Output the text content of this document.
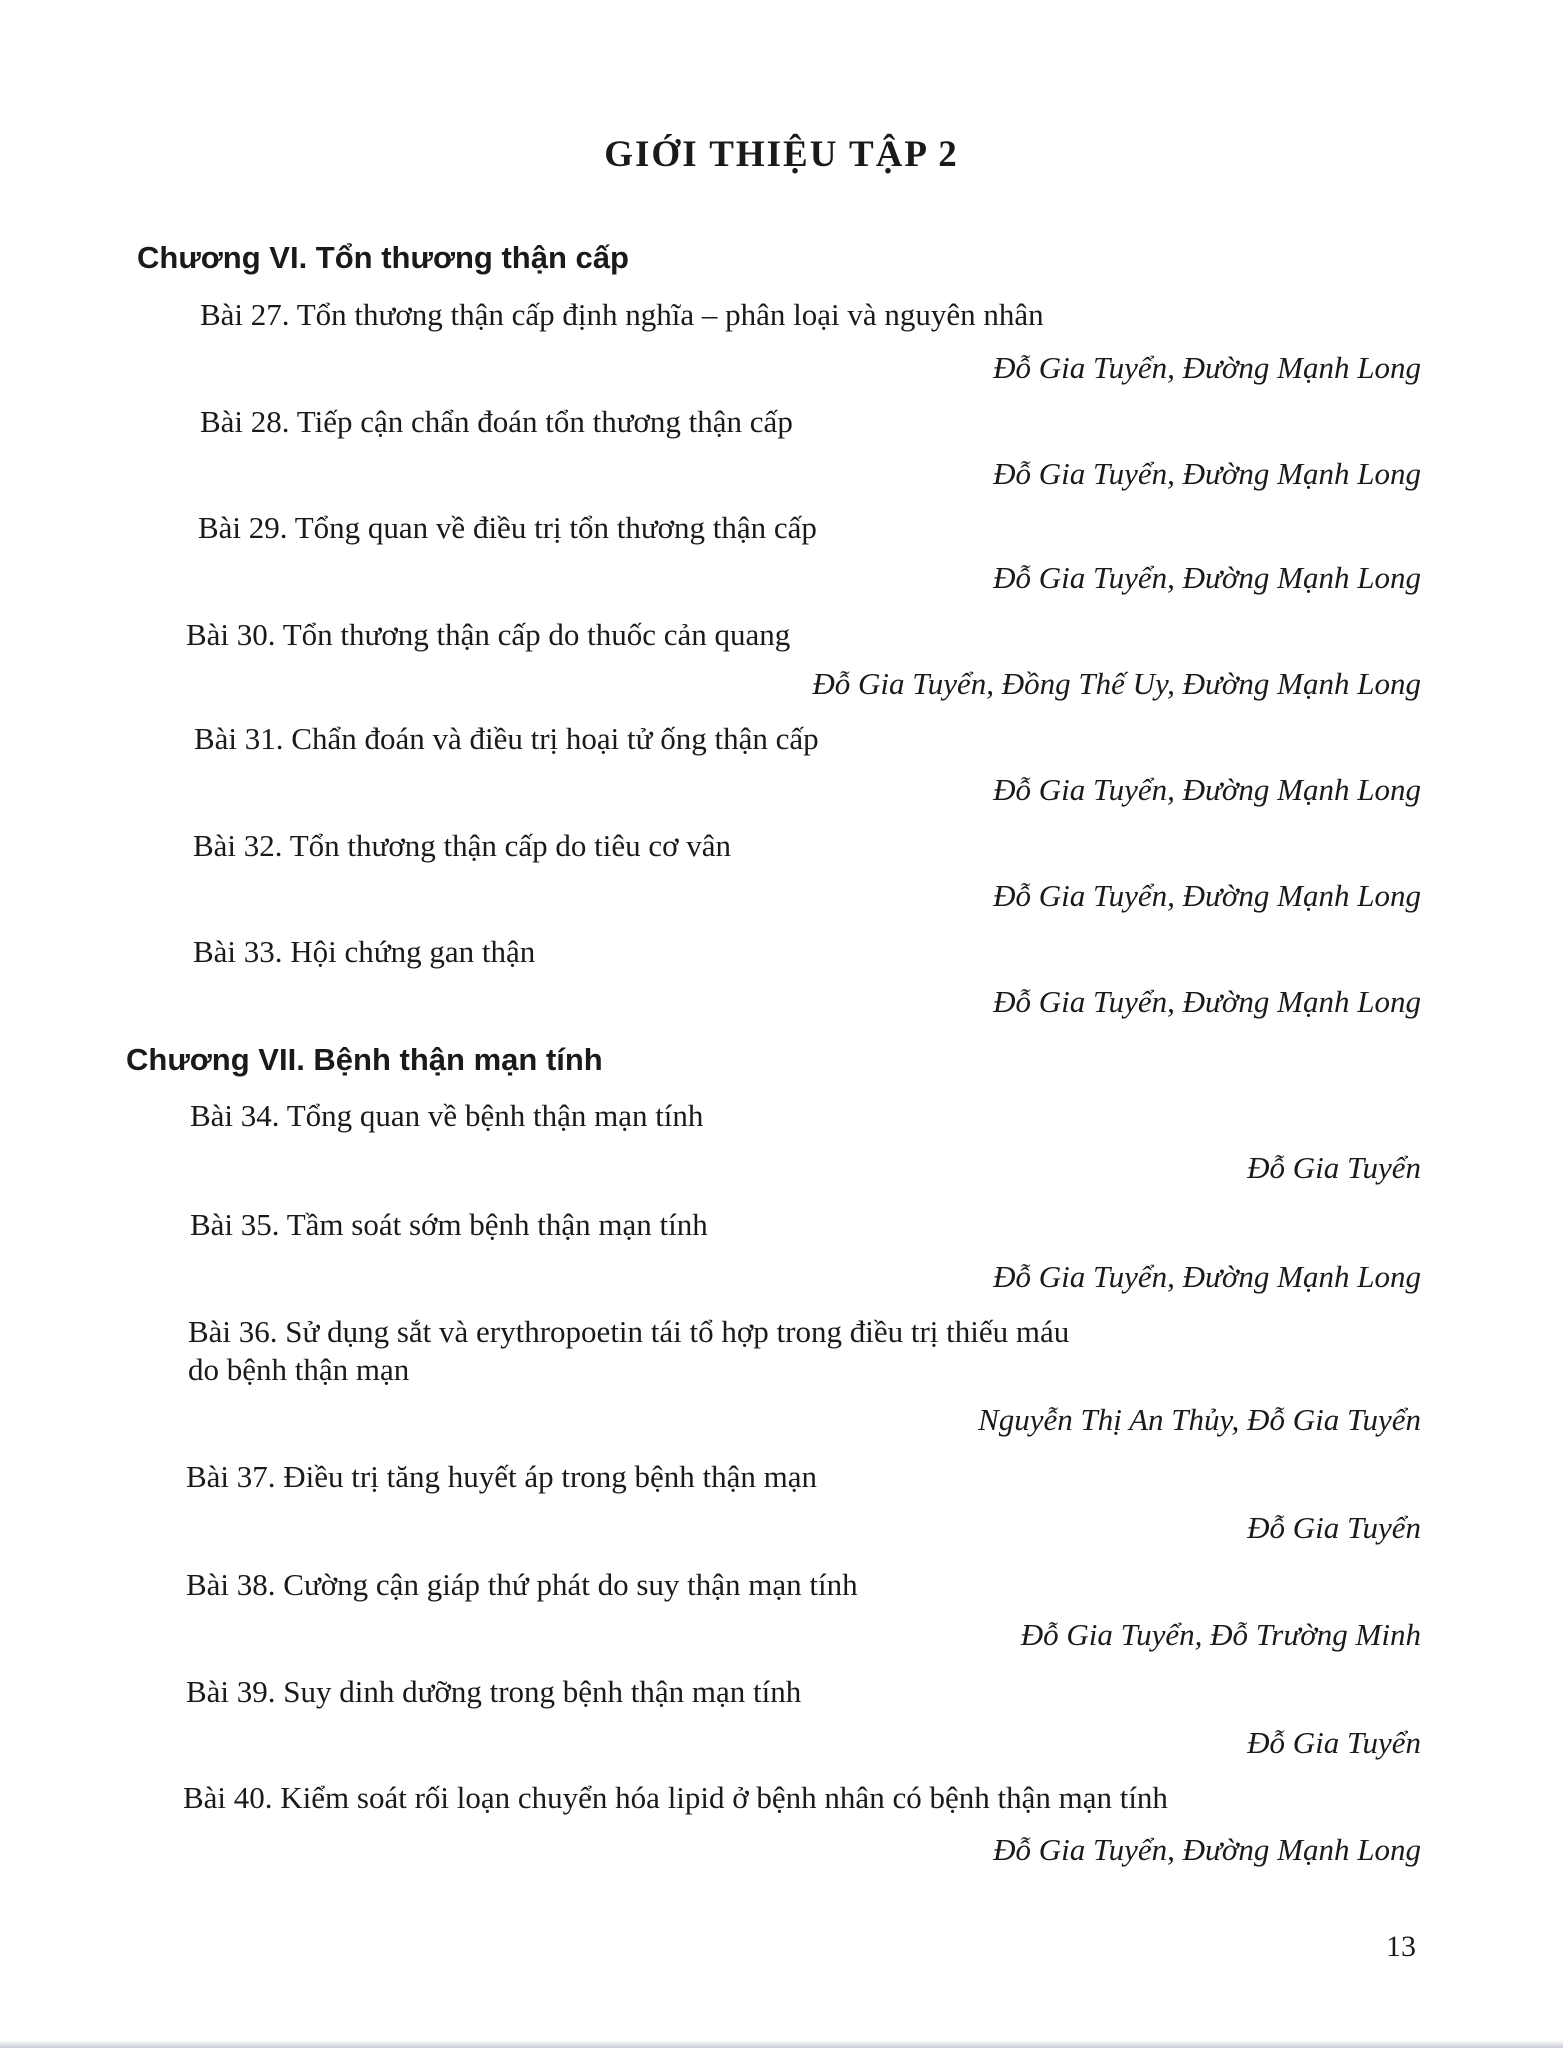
GIỚI THIỆU TẬP 2
Chương VI. Tổn thương thận cấp
Bài 27. Tổn thương thận cấp định nghĩa – phân loại và nguyên nhân
Đỗ Gia Tuyển, Đường Mạnh Long
Bài 28. Tiếp cận chẩn đoán tổn thương thận cấp
Đỗ Gia Tuyển, Đường Mạnh Long
Bài 29. Tổng quan về điều trị tổn thương thận cấp
Đỗ Gia Tuyển, Đường Mạnh Long
Bài 30. Tổn thương thận cấp do thuốc cản quang
Đỗ Gia Tuyển, Đồng Thế Uy, Đường Mạnh Long
Bài 31. Chẩn đoán và điều trị hoại tử ống thận cấp
Đỗ Gia Tuyển, Đường Mạnh Long
Bài 32. Tổn thương thận cấp do tiêu cơ vân
Đỗ Gia Tuyển, Đường Mạnh Long
Bài 33. Hội chứng gan thận
Đỗ Gia Tuyển, Đường Mạnh Long
Chương VII. Bệnh thận mạn tính
Bài 34. Tổng quan về bệnh thận mạn tính
Đỗ Gia Tuyển
Bài 35. Tầm soát sớm bệnh thận mạn tính
Đỗ Gia Tuyển, Đường Mạnh Long
Bài 36. Sử dụng sắt và erythropoetin tái tổ hợp trong điều trị thiếu máu
do bệnh thận mạn
Nguyễn Thị An Thủy, Đỗ Gia Tuyển
Bài 37. Điều trị tăng huyết áp trong bệnh thận mạn
Đỗ Gia Tuyển
Bài 38. Cường cận giáp thứ phát do suy thận mạn tính
Đỗ Gia Tuyển, Đỗ Trường Minh
Bài 39. Suy dinh dưỡng trong bệnh thận mạn tính
Đỗ Gia Tuyển
Bài 40. Kiểm soát rối loạn chuyển hóa lipid ở bệnh nhân có bệnh thận mạn tính
Đỗ Gia Tuyển, Đường Mạnh Long
13
